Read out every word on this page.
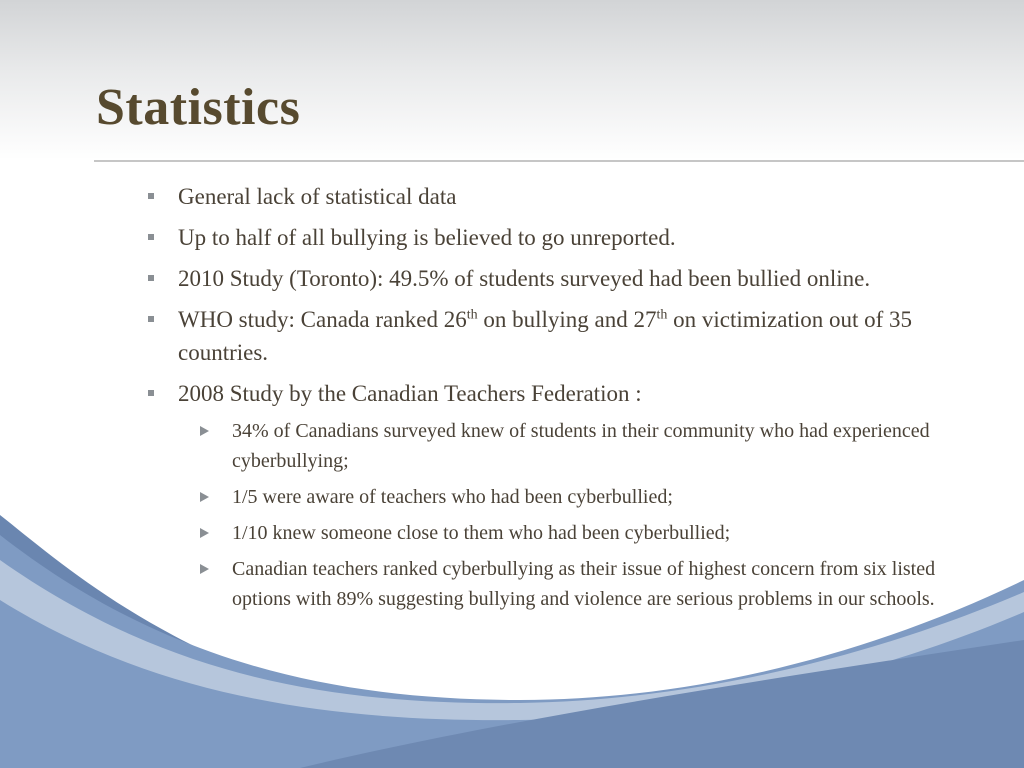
Statistics
General lack of statistical data
Up to half of all bullying is believed to go unreported.
2010 Study (Toronto): 49.5% of students surveyed had been bullied online.
WHO study: Canada ranked 26th on bullying and 27th on victimization out of 35 countries.
2008 Study by the Canadian Teachers Federation :
34% of Canadians surveyed knew of students in their community who had experienced cyberbullying;
1/5 were aware of teachers who had been cyberbullied;
1/10 knew someone close to them who had been cyberbullied;
Canadian teachers ranked cyberbullying as their issue of highest concern from six listed options with 89% suggesting bullying and violence are serious problems in our schools.
